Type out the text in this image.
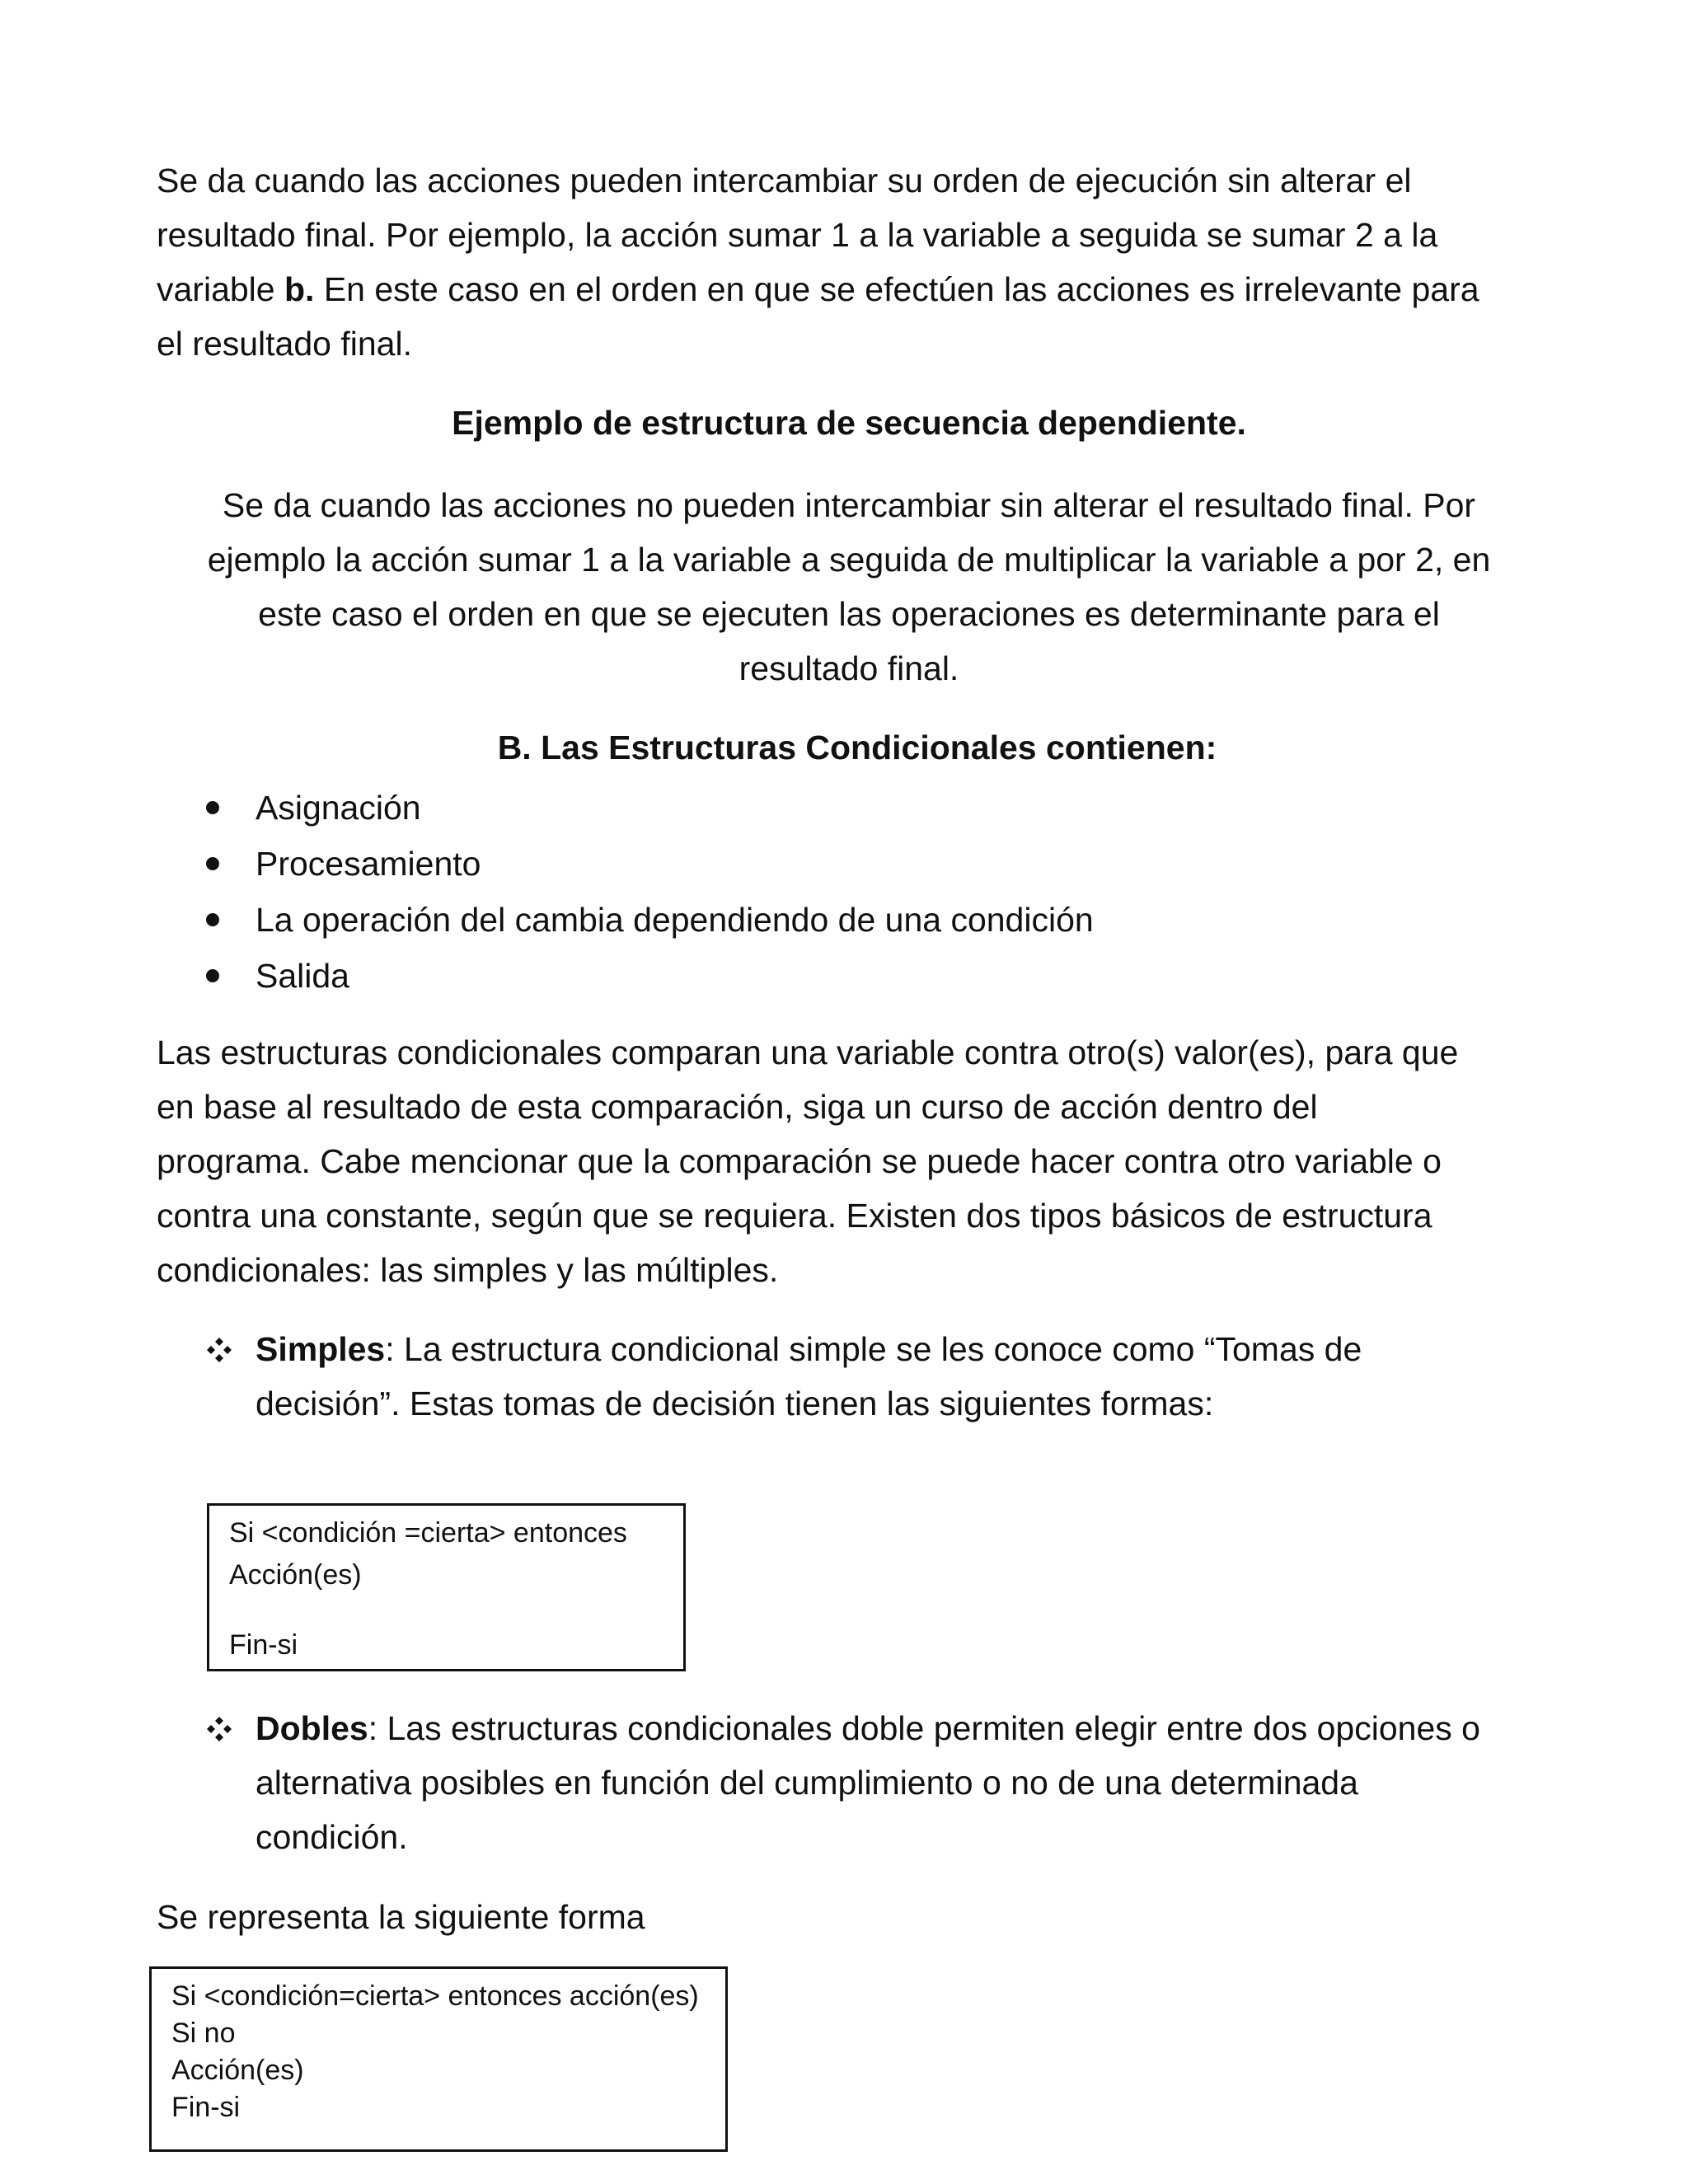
Se da cuando las acciones pueden intercambiar su orden de ejecución sin alterar el
resultado final. Por ejemplo, la acción sumar 1 a la variable a seguida se sumar 2 a la
variable b. En este caso en el orden en que se efectúen las acciones es irrelevante para
el resultado final.
Ejemplo de estructura de secuencia dependiente.
Se da cuando las acciones no pueden intercambiar sin alterar el resultado final. Por
ejemplo la acción sumar 1 a la variable a seguida de multiplicar la variable a por 2, en
este caso el orden en que se ejecuten las operaciones es determinante para el
resultado final.
B. Las Estructuras Condicionales contienen:
Asignación
Procesamiento
La operación del cambia dependiendo de una condición
Salida
Las estructuras condicionales comparan una variable contra otro(s) valor(es), para que
en base al resultado de esta comparación, siga un curso de acción dentro del
programa. Cabe mencionar que la comparación se puede hacer contra otro variable o
contra una constante, según que se requiera. Existen dos tipos básicos de estructura
condicionales: las simples y las múltiples.
Simples: La estructura condicional simple se les conoce como “Tomas de
decisión”. Estas tomas de decisión tienen las siguientes formas:
Si <condición =cierta> entonces
Acción(es)
Fin-si
Dobles: Las estructuras condicionales doble permiten elegir entre dos opciones o
alternativa posibles en función del cumplimiento o no de una determinada
condición.
Se representa la siguiente forma
Si <condición=cierta> entonces acción(es)
Si no
Acción(es)
Fin-si
